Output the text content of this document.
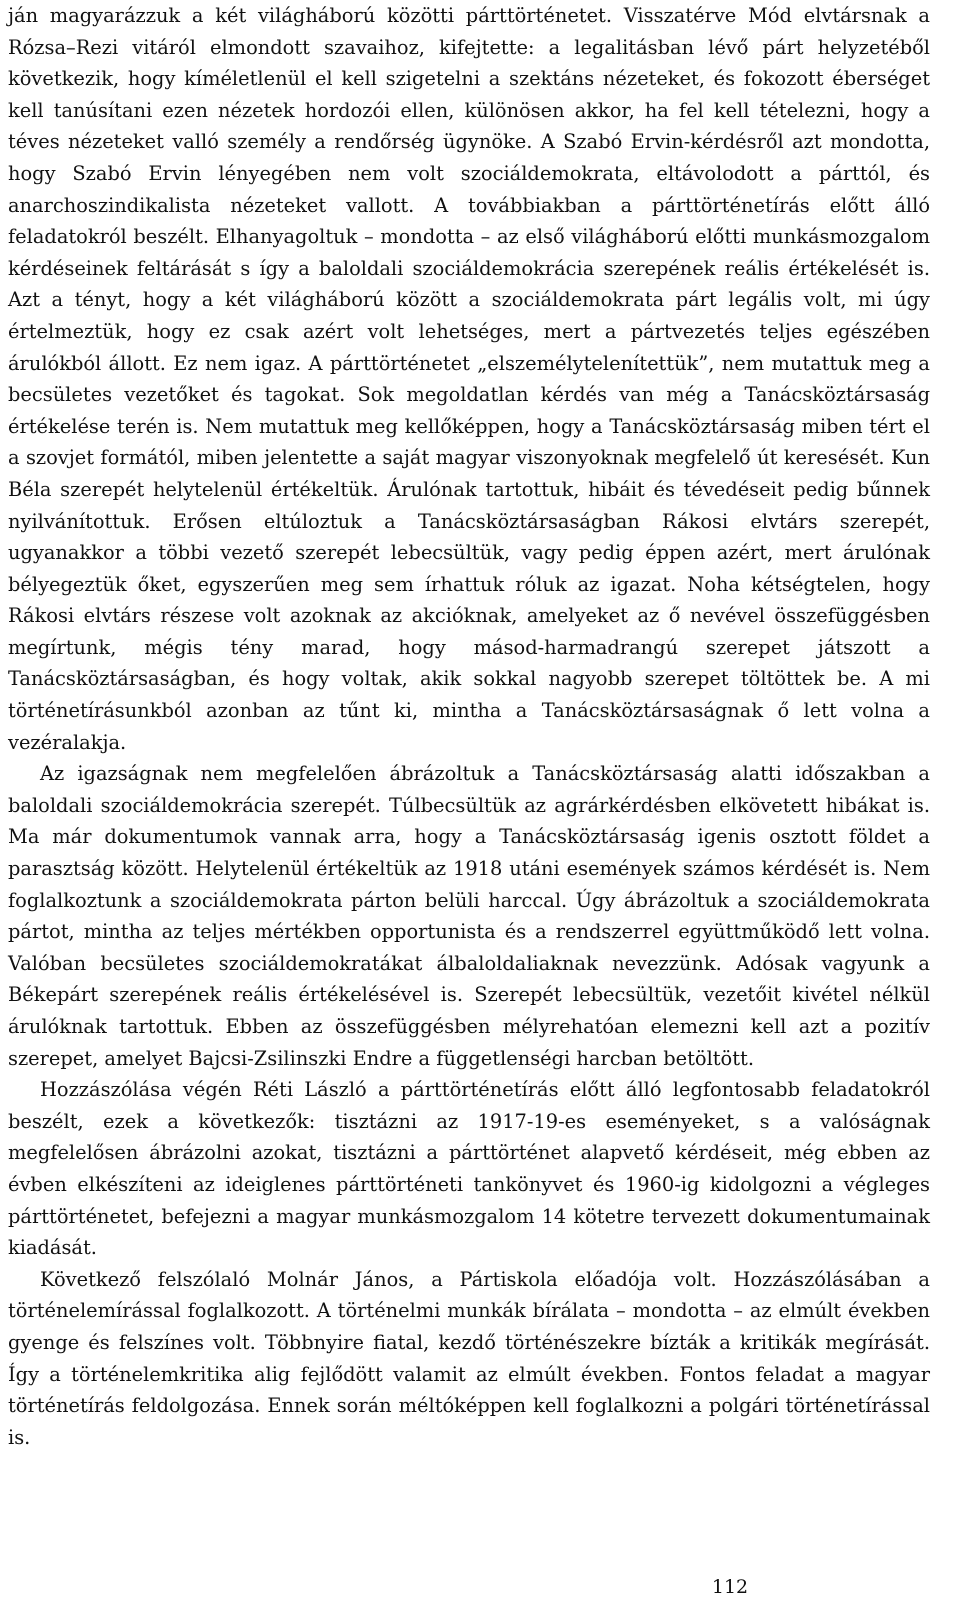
ján magyarázzuk a két világháború közötti párttörténetet. Visszatérve Mód elvtársnak a Rózsa–Rezi vitáról elmondott szavaihoz, kifejtette: a legalitásban lévő párt helyzetéből következik, hogy kíméletlenül el kell szigetelni a szektáns nézeteket, és fokozott éberséget kell tanúsítani ezen nézetek hordozói ellen, különösen akkor, ha fel kell tételezni, hogy a téves nézeteket valló személy a rendőrség ügynöke. A Szabó Ervin-kérdésről azt mondotta, hogy Szabó Ervin lényegében nem volt szociáldemokrata, eltávolodott a párttól, és anarchoszindikalista nézeteket vallott. A továbbiakban a párttörténetírás előtt álló feladatokról beszélt. Elhanyagoltuk – mondotta – az első világháború előtti munkásmozgalom kérdéseinek feltárását s így a baloldali szociáldemokrácia szerepének reális értékelését is. Azt a tényt, hogy a két világháború között a szociáldemokrata párt legális volt, mi úgy értelmeztük, hogy ez csak azért volt lehetséges, mert a pártvezetés teljes egészében árulókból állott. Ez nem igaz. A párttörténetet „elszemélytelenítettük”, nem mutattuk meg a becsületes vezetőket és tagokat. Sok megoldatlan kérdés van még a Tanácsköztársaság értékelése terén is. Nem mutattuk meg kellőképpen, hogy a Tanácsköztársaság miben tért el a szovjet formától, miben jelentette a saját magyar viszonyoknak megfelelő út keresését. Kun Béla szerepét helytelenül értékeltük. Árulónak tartottuk, hibáit és tévedéseit pedig bűnnek nyilvánítottuk. Erősen eltúloztuk a Tanácsköztársaságban Rákosi elvtárs szerepét, ugyanakkor a többi vezető szerepét lebecsültük, vagy pedig éppen azért, mert árulónak bélyegeztük őket, egyszerűen meg sem írhattuk róluk az igazat. Noha kétségtelen, hogy Rákosi elvtárs részese volt azoknak az akcióknak, amelyeket az ő nevével összefüggésben megírtunk, mégis tény marad, hogy másod-harmadrangú szerepet játszott a Tanácsköztársaságban, és hogy voltak, akik sokkal nagyobb szerepet töltöttek be. A mi történetírásunkból azonban az tűnt ki, mintha a Tanácsköztársaságnak ő lett volna a vezéralakja.

Az igazságnak nem megfelelően ábrázoltuk a Tanácsköztársaság alatti időszakban a baloldali szociáldemokrácia szerepét. Túlbecsültük az agrárkérdésben elkövetett hibákat is. Ma már dokumentumok vannak arra, hogy a Tanácsköztársaság igenis osztott földet a parasztság között. Helytelenül értékeltük az 1918 utáni események számos kérdését is. Nem foglalkoztunk a szociáldemokrata párton belüli harccal. Úgy ábrázoltuk a szociáldemokrata pártot, mintha az teljes mértékben opportunista és a rendszerrel együttműködő lett volna. Valóban becsületes szociáldemokratákat álbaloldaliaknak nevezzünk. Adósak vagyunk a Békepárt szerepének reális értékelésével is. Szerepét lebecsültük, vezetőit kivétel nélkül árulóknak tartottuk. Ebben az összefüggésben mélyrehatóan elemezni kell azt a pozitív szerepet, amelyet Bajcsi-Zsilinszki Endre a függetlenségi harcban betöltött.

Hozzászólása végén Réti László a párttörténetírás előtt álló legfontosabb feladatokról beszélt, ezek a következők: tisztázni az 1917-19-es eseményeket, s a valóságnak megfelelősen ábrázolni azokat, tisztázni a párttörténet alapvető kérdéseit, még ebben az évben elkészíteni az ideiglenes párttörténeti tankönyvet és 1960-ig kidolgozni a végleges párttörténetet, befejezni a magyar munkásmozgalom 14 kötetre tervezett dokumentumainak kiadását.

Következő felszólaló Molnár János, a Pártiskola előadója volt. Hozzászólásában a történelemírással foglalkozott. A történelmi munkák bírálata – mondotta – az elmúlt években gyenge és felszínes volt. Többnyire fiatal, kezdő történészekre bízták a kritikák megírását. Így a történelemkritika alig fejlődött valamit az elmúlt években. Fontos feladat a magyar történetírás feldolgozása. Ennek során méltóképpen kell foglalkozni a polgári történetírással is.

112
